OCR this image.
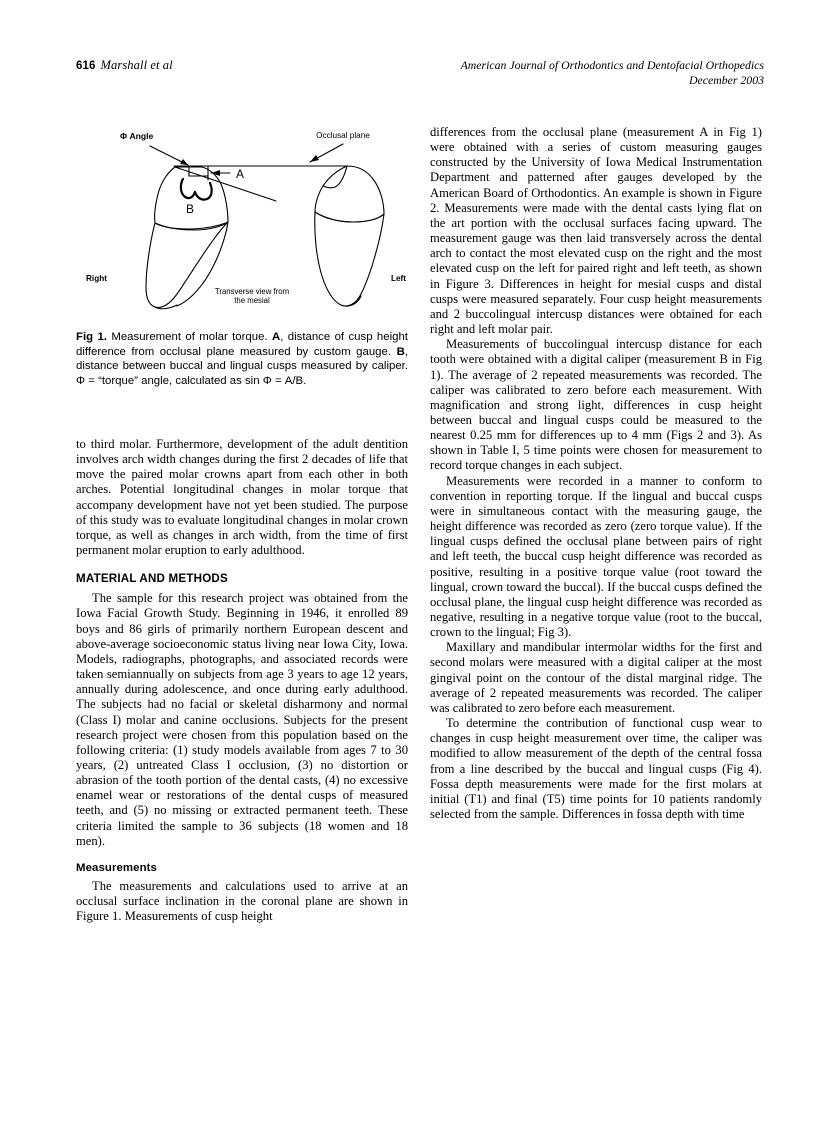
616 Marshall et al	American Journal of Orthodontics and Dentofacial Orthopedics
December 2003
Φ Angle	Occlusal plane
A
B
Right	Left
Transverse view from
the mesial
Fig 1. Measurement of molar torque. A, distance of cusp height difference from occlusal plane measured by custom gauge. B, distance between buccal and lingual cusps measured by caliper. Φ = “torque” angle, calculated as sin Φ = A/B.

to third molar. Furthermore, development of the adult dentition involves arch width changes during the first 2 decades of life that move the paired molar crowns apart from each other in both arches. Potential longitudinal changes in molar torque that accompany development have not yet been studied. The purpose of this study was to evaluate longitudinal changes in molar crown torque, as well as changes in arch width, from the time of first permanent molar eruption to early adulthood.

MATERIAL AND METHODS

The sample for this research project was obtained from the Iowa Facial Growth Study. Beginning in 1946, it enrolled 89 boys and 86 girls of primarily northern European descent and above-average socioeconomic status living near Iowa City, Iowa. Models, radiographs, photographs, and associated records were taken semiannually on subjects from age 3 years to age 12 years, annually during adolescence, and once during early adulthood. The subjects had no facial or skeletal disharmony and normal (Class I) molar and canine occlusions. Subjects for the present research project were chosen from this population based on the following criteria: (1) study models available from ages 7 to 30 years, (2) untreated Class I occlusion, (3) no distortion or abrasion of the tooth portion of the dental casts, (4) no excessive enamel wear or restorations of the dental cusps of measured teeth, and (5) no missing or extracted permanent teeth. These criteria limited the sample to 36 subjects (18 women and 18 men).

Measurements

The measurements and calculations used to arrive at an occlusal surface inclination in the coronal plane are shown in Figure 1. Measurements of cusp height

differences from the occlusal plane (measurement A in Fig 1) were obtained with a series of custom measuring gauges constructed by the University of Iowa Medical Instrumentation Department and patterned after gauges developed by the American Board of Orthodontics. An example is shown in Figure 2. Measurements were made with the dental casts lying flat on the art portion with the occlusal surfaces facing upward. The measurement gauge was then laid transversely across the dental arch to contact the most elevated cusp on the right and the most elevated cusp on the left for paired right and left teeth, as shown in Figure 3. Differences in height for mesial cusps and distal cusps were measured separately. Four cusp height measurements and 2 buccolingual intercusp distances were obtained for each right and left molar pair.

Measurements of buccolingual intercusp distance for each tooth were obtained with a digital caliper (measurement B in Fig 1). The average of 2 repeated measurements was recorded. The caliper was calibrated to zero before each measurement. With magnification and strong light, differences in cusp height between buccal and lingual cusps could be measured to the nearest 0.25 mm for differences up to 4 mm (Figs 2 and 3). As shown in Table I, 5 time points were chosen for measurement to record torque changes in each subject.

Measurements were recorded in a manner to conform to convention in reporting torque. If the lingual and buccal cusps were in simultaneous contact with the measuring gauge, the height difference was recorded as zero (zero torque value). If the lingual cusps defined the occlusal plane between pairs of right and left teeth, the buccal cusp height difference was recorded as positive, resulting in a positive torque value (root toward the lingual, crown toward the buccal). If the buccal cusps defined the occlusal plane, the lingual cusp height difference was recorded as negative, resulting in a negative torque value (root to the buccal, crown to the lingual; Fig 3).

Maxillary and mandibular intermolar widths for the first and second molars were measured with a digital caliper at the most gingival point on the contour of the distal marginal ridge. The average of 2 repeated measurements was recorded. The caliper was calibrated to zero before each measurement.

To determine the contribution of functional cusp wear to changes in cusp height measurement over time, the caliper was modified to allow measurement of the depth of the central fossa from a line described by the buccal and lingual cusps (Fig 4). Fossa depth measurements were made for the first molars at initial (T1) and final (T5) time points for 10 patients randomly selected from the sample. Differences in fossa depth with time
